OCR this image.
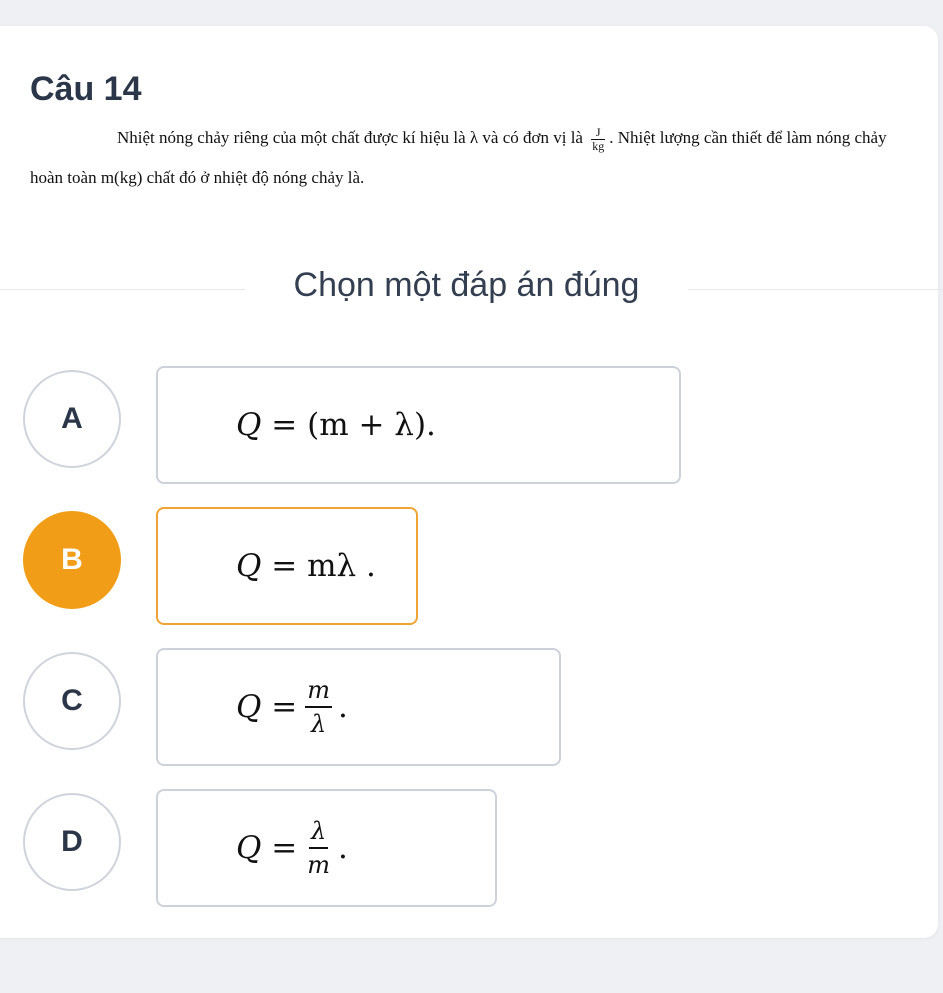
Câu 14

Nhiệt nóng chảy riêng của một chất được kí hiệu là λ và có đơn vị là $\frac{J}{kg}$ . Nhiệt lượng cần thiết để làm nóng chảy hoàn toàn m(kg) chất đó ở nhiệt độ nóng chảy là.

Chọn một đáp án đúng
A	Q
=
(m + λ).
B	Q
=
mλ .
C	Q
= $\frac{m}{\lambda}$ .
D	Q
= $\frac{\lambda}{m}$ .
